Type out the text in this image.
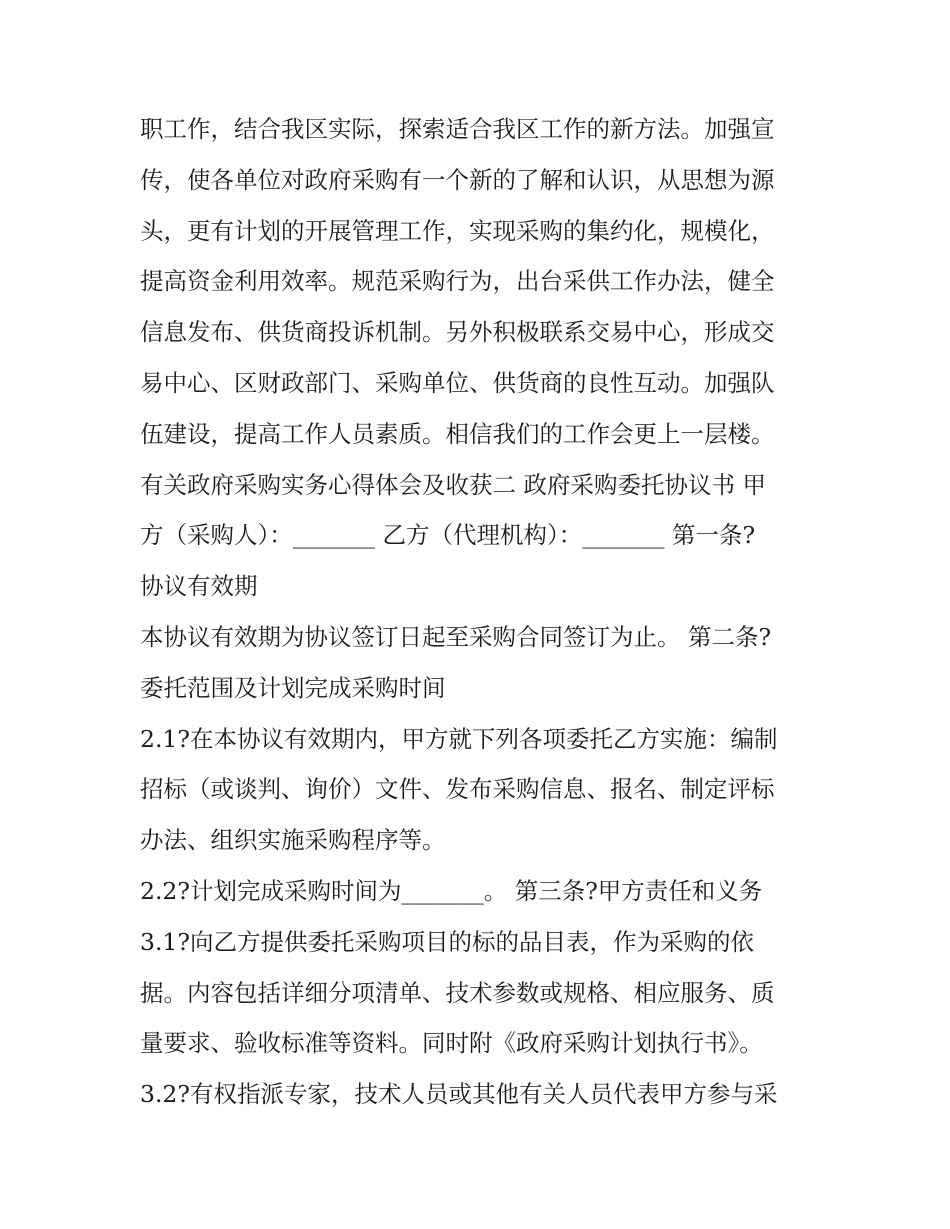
职工作，结合我区实际，探索适合我区工作的新方法。加强宣
传，使各单位对政府采购有一个新的了解和认识，从思想为源
头，更有计划的开展管理工作，实现采购的集约化，规模化，
提高资金利用效率。规范采购行为，出台采供工作办法，健全
信息发布、供货商投诉机制。另外积极联系交易中心，形成交
易中心、区财政部门、采购单位、供货商的良性互动。加强队
伍建设，提高工作人员素质。相信我们的工作会更上一层楼。
有关政府采购实务心得体会及收获二 政府采购委托协议书 甲
方（采购人）：_______ 乙方（代理机构）：_______ 第一条?
协议有效期
本协议有效期为协议签订日起至采购合同签订为止。 第二条?
委托范围及计划完成采购时间
2.1?在本协议有效期内，甲方就下列各项委托乙方实施：编制
招标（或谈判、询价）文件、发布采购信息、报名、制定评标
办法、组织实施采购程序等。
2.2?计划完成采购时间为_______。 第三条?甲方责任和义务
3.1?向乙方提供委托采购项目的标的品目表，作为采购的依
据。内容包括详细分项清单、技术参数或规格、相应服务、质
量要求、验收标准等资料。同时附《政府采购计划执行书》。
3.2?有权指派专家，技术人员或其他有关人员代表甲方参与采
